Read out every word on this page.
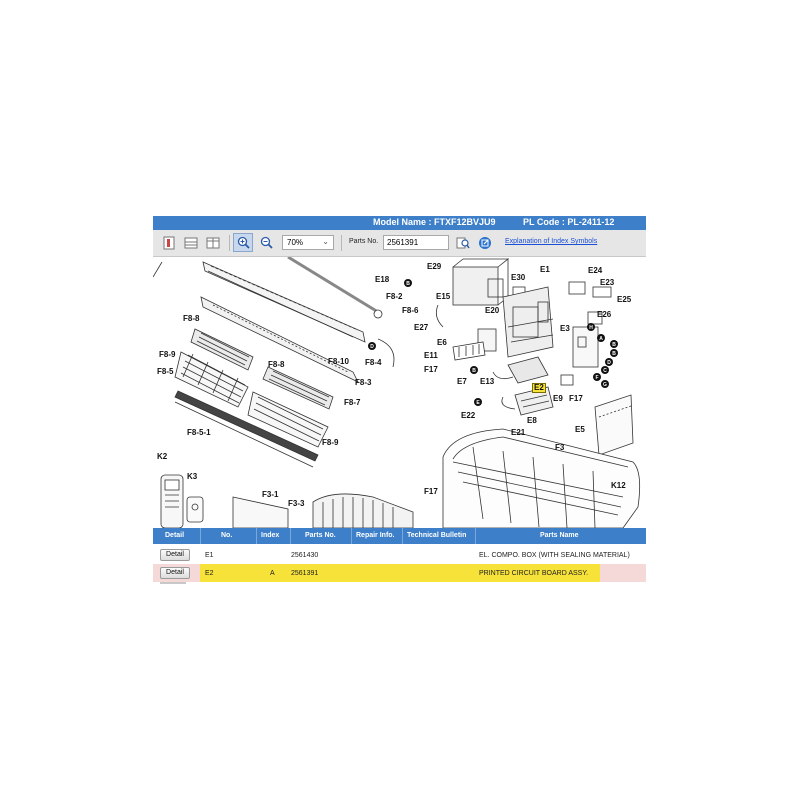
Model Name : FTXF12BVJU9	PL Code : PL-2411-12
70% ⌄	Parts No.	2561391	Explanation of Index Symbols
B
D
B
E
A
B
B
D
C
F
G
H
E18
F8-2
F8-6
F8-4
F8-3
F8-10
F8-8
F8-8
F8-9
F8-9
F8-5
F8-5-1
F8-7
E29
E30
E1	E24
E23
E25
E15
E20
E27
E26
E3
E6
E11
F17
E7 E13
E2
E9 F17
E22
E8
E21	E5
F3
K2
K3
F3-1
F3-3
F17
K12
Detail	No.	Index	Parts No.	Repair Info. Technical Bulletin	Parts Name
Detail	E1	2561430	EL. COMPO. BOX (WITH SEALING MATERIAL)
Detail	E2	A 2561391	PRINTED CIRCUIT BOARD ASSY.
